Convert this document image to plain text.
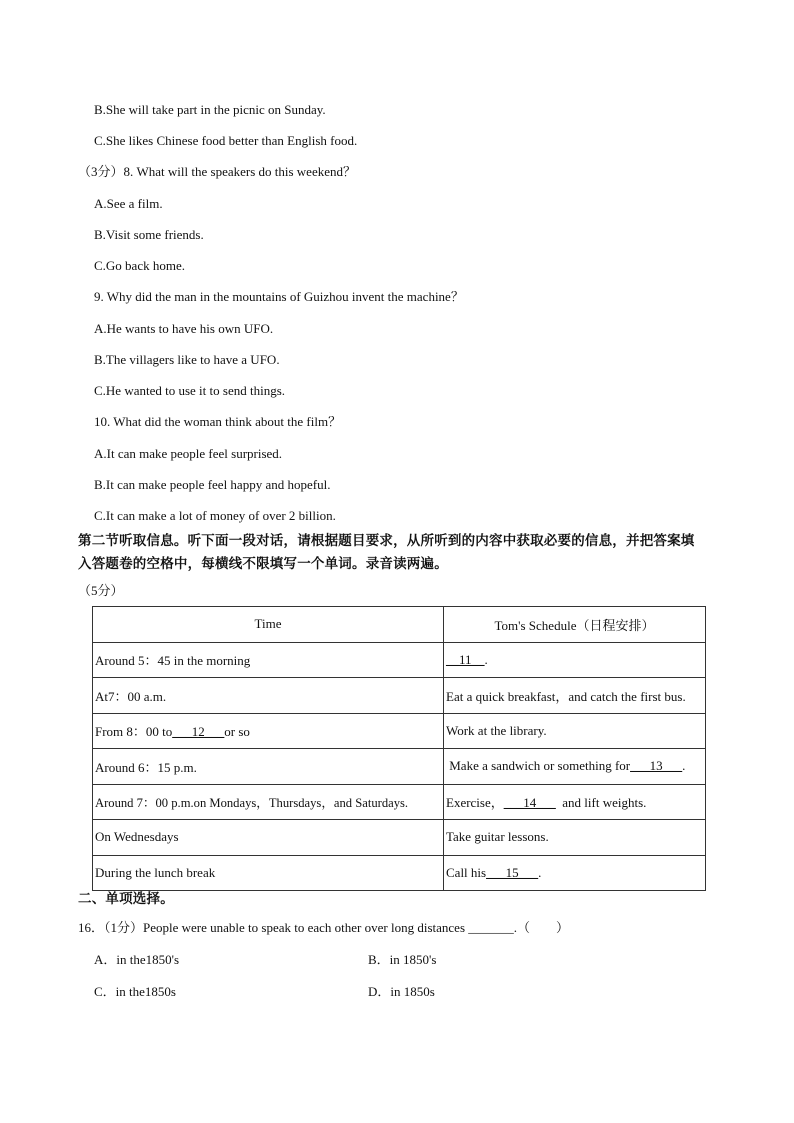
B.She will take part in the picnic on Sunday.
C.She likes Chinese food better than English food.
（3分）8. What will the speakers do this weekend？
A.See a film.
B.Visit some friends.
C.Go back home.
9. Why did the man in the mountains of Guizhou invent the machine？
A.He wants to have his own UFO.
B.The villagers like to have a UFO.
C.He wanted to use it to send things.
10. What did the woman think about the film？
A.It can make people feel surprised.
B.It can make people feel happy and hopeful.
C.It can make a lot of money of over 2 billion.
第二节听取信息。听下面一段对话，请根据题目要求，从所听到的内容中获取必要的信息，并把答案填
入答题卷的空格中，每横线不限填写一个单词。录音读两遍。
（5分）
Time	Tom's Schedule（日程安排）
Around 5：45 in the morning	__11__.
At7：00 a.m.	Eat a quick breakfast，and catch the first bus.
From 8：00 to___12___or so	Work at the library.
Around 6：15 p.m.	Make a sandwich or something for___13___.
Around 7：00 p.m.on Mondays，Thursdays，and Saturdays.	Exercise，___14___  and lift weights.
On Wednesdays	Take guitar lessons.
During the lunch break	Call his___15___.
二、单项选择。
16．（1分）People were unable to speak to each other over long distances _______.（　　）
A．in the1850's	B．in 1850's
C．in the1850s	D．in 1850s
